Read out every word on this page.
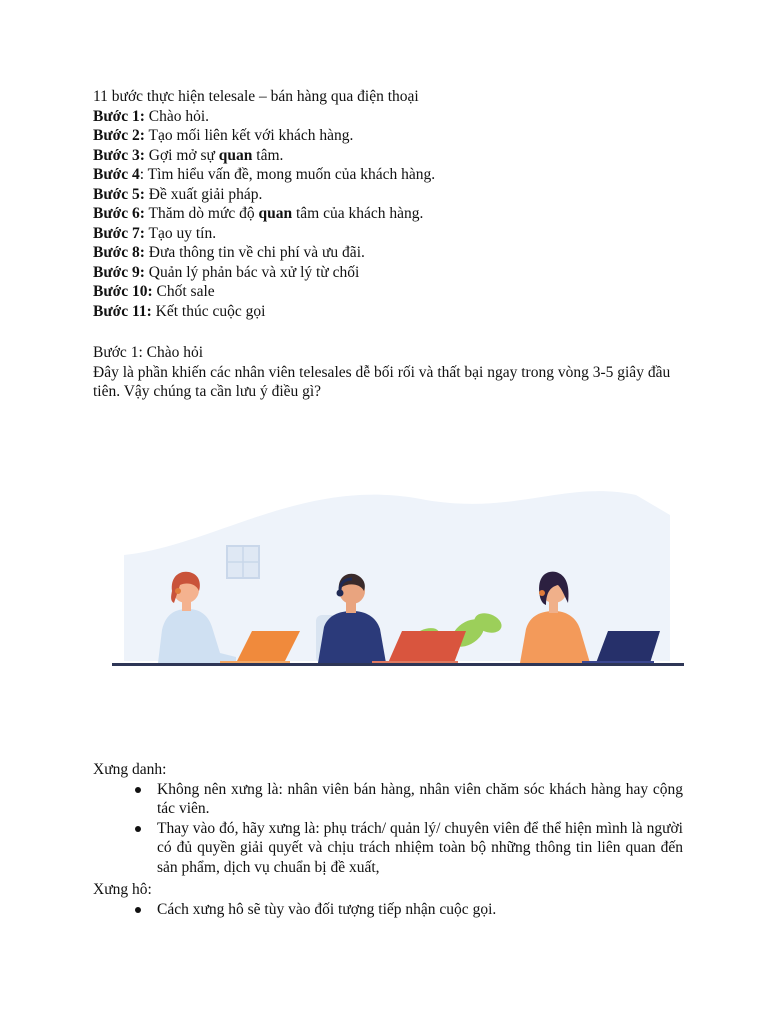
11 bước thực hiện telesale – bán hàng qua điện thoại

Bước 1: Chào hỏi.

Bước 2: Tạo mối liên kết với khách hàng.

Bước 3: Gợi mở sự quan tâm.

Bước 4: Tìm hiểu vấn đề, mong muốn của khách hàng.

Bước 5: Đề xuất giải pháp.

Bước 6: Thăm dò mức độ quan tâm của khách hàng.

Bước 7: Tạo uy tín.

Bước 8: Đưa thông tin về chi phí và ưu đãi.

Bước 9: Quản lý phản bác và xử lý từ chối

Bước 10: Chốt sale

Bước 11: Kết thúc cuộc gọi

Bước 1: Chào hỏi

Đây là phần khiến các nhân viên telesales dễ bối rối và thất bại ngay trong vòng 3-5 giây đầu tiên. Vậy chúng ta cần lưu ý điều gì?

Xưng danh:

Không nên xưng là: nhân viên bán hàng, nhân viên chăm sóc khách hàng hay cộng tác viên.
Thay vào đó, hãy xưng là: phụ trách/ quản lý/ chuyên viên để thể hiện mình là người có đủ quyền giải quyết và chịu trách nhiệm toàn bộ những thông tin liên quan đến sản phẩm, dịch vụ chuẩn bị đề xuất,

Xưng hô:

Cách xưng hô sẽ tùy vào đối tượng tiếp nhận cuộc gọi.
